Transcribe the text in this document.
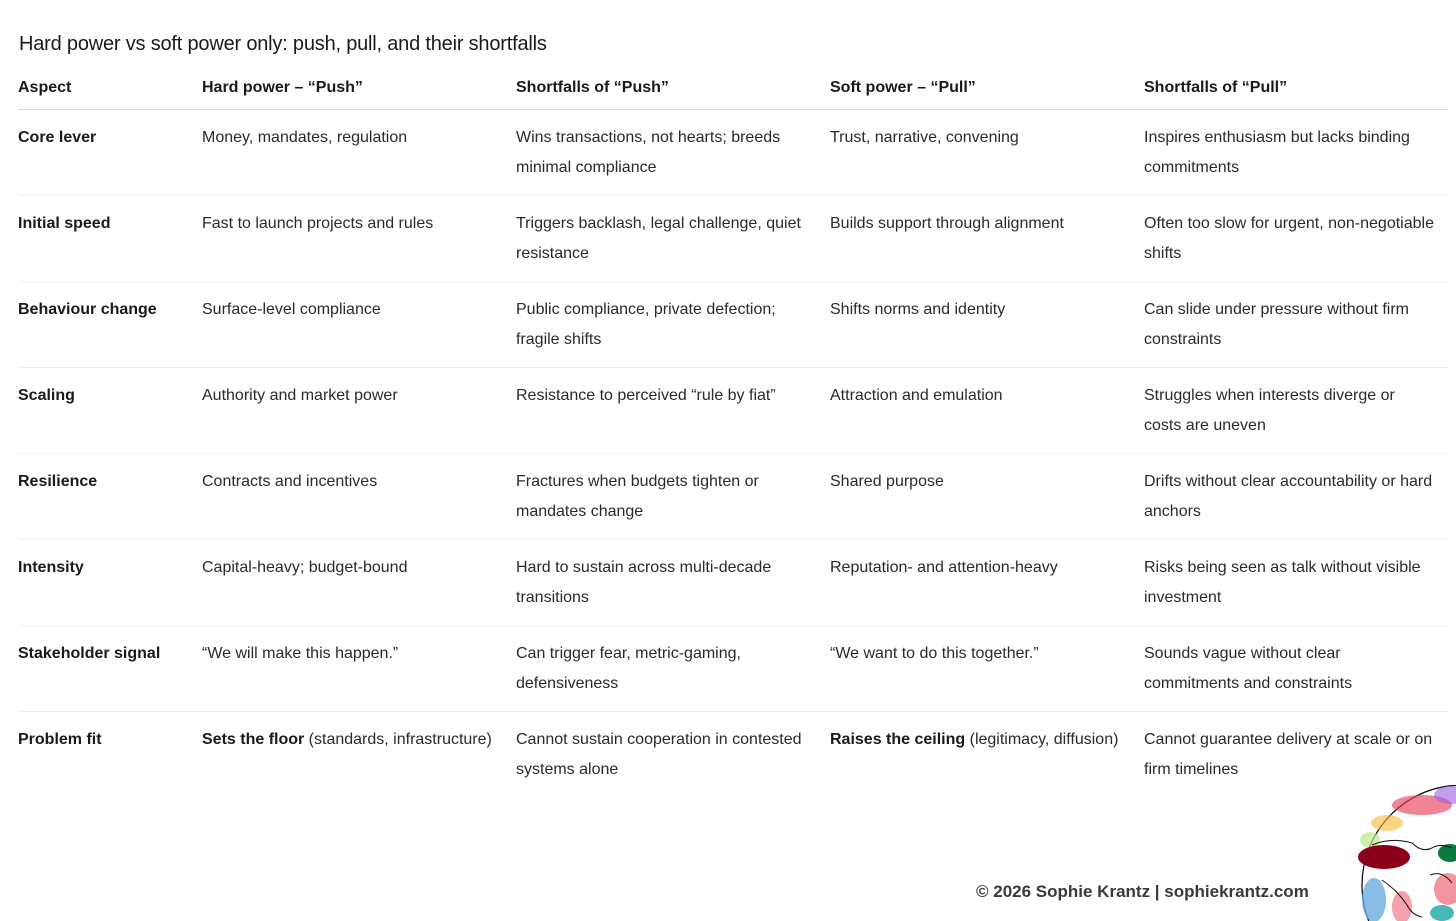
Hard power vs soft power only: push, pull, and their shortfalls
Aspect	Hard power – “Push”	Shortfalls of “Push”	Soft power – “Pull”	Shortfalls of “Pull”
Core lever	Money, mandates, regulation	Wins transactions, not hearts; breeds minimal compliance	Trust, narrative, convening	Inspires enthusiasm but lacks binding commitments
Initial speed	Fast to launch projects and rules	Triggers backlash, legal challenge, quiet resistance	Builds support through alignment	Often too slow for urgent, non-negotiable shifts
Behaviour change	Surface-level compliance	Public compliance, private defection; fragile shifts	Shifts norms and identity	Can slide under pressure without firm constraints
Scaling	Authority and market power	Resistance to perceived “rule by fiat”	Attraction and emulation	Struggles when interests diverge or costs are uneven
Resilience	Contracts and incentives	Fractures when budgets tighten or mandates change	Shared purpose	Drifts without clear accountability or hard anchors
Intensity	Capital-heavy; budget-bound	Hard to sustain across multi-decade transitions	Reputation- and attention-heavy	Risks being seen as talk without visible investment
Stakeholder signal	“We will make this happen.”	Can trigger fear, metric-gaming, defensiveness	“We want to do this together.”	Sounds vague without clear commitments and constraints
Problem fit	Sets the floor (standards, infrastructure)	Cannot sustain cooperation in contested systems alone	Raises the ceiling (legitimacy, diffusion)	Cannot guarantee delivery at scale or on firm timelines
© 2026 Sophie Krantz | sophiekrantz.com
